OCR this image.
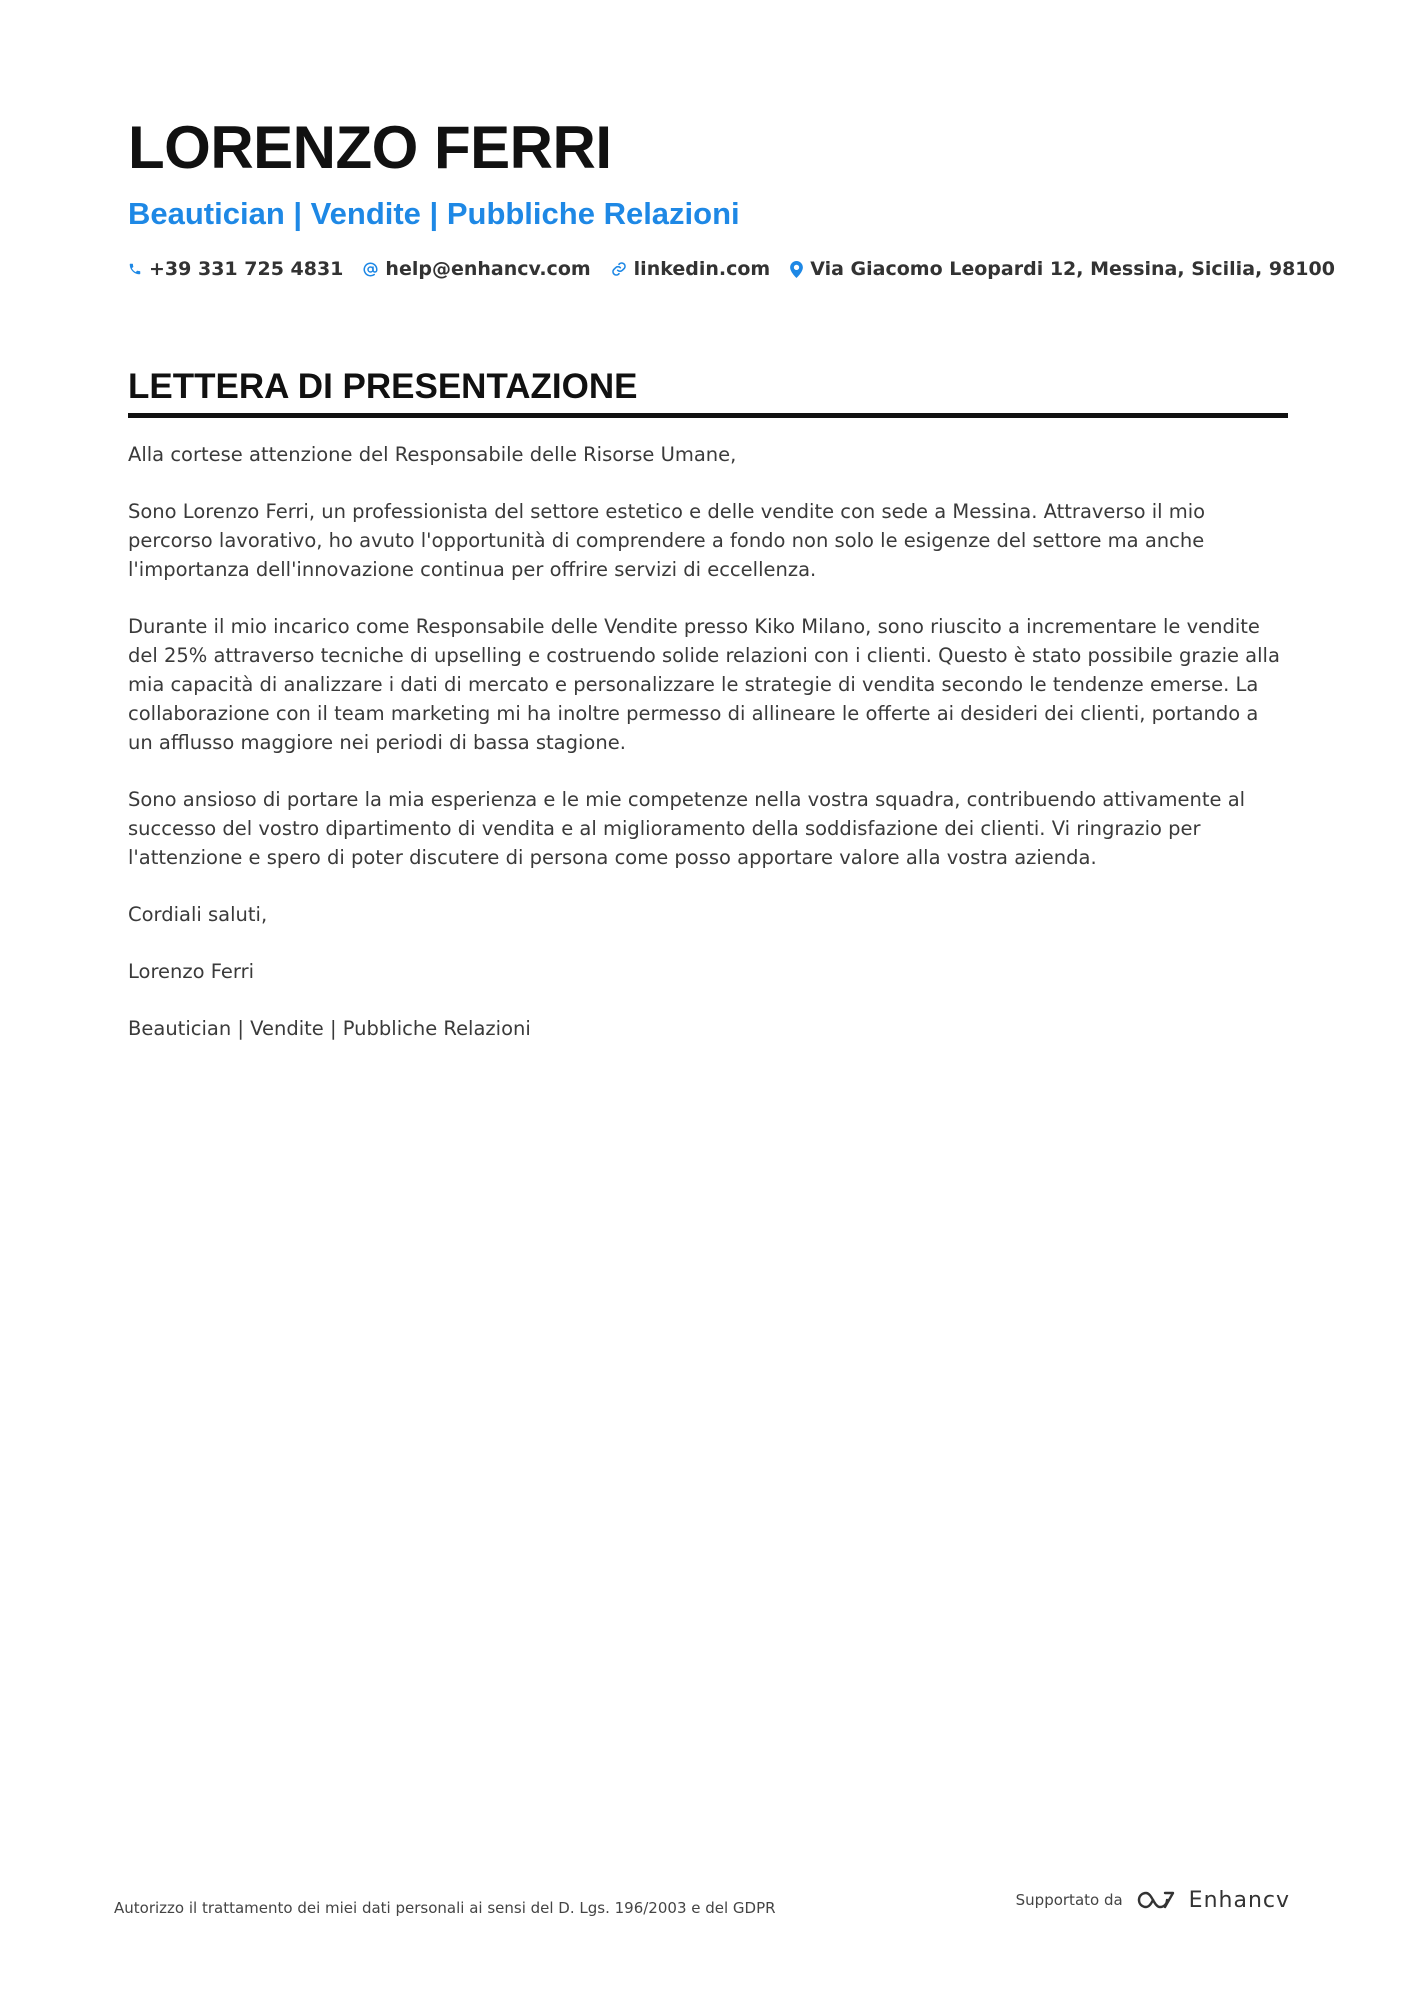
LORENZO FERRI
Beautician | Vendite | Pubbliche Relazioni
+39 331 725 4831 help@enhancv.com linkedin.com Via Giacomo Leopardi 12, Messina, Sicilia, 98100
LETTERA DI PRESENTAZIONE

Alla cortese attenzione del Responsabile delle Risorse Umane,

Sono Lorenzo Ferri, un professionista del settore estetico e delle vendite con sede a Messina. Attraverso il mio percorso lavorativo, ho avuto l'opportunità di comprendere a fondo non solo le esigenze del settore ma anche l'importanza dell'innovazione continua per offrire servizi di eccellenza.

Durante il mio incarico come Responsabile delle Vendite presso Kiko Milano, sono riuscito a incrementare le vendite del 25% attraverso tecniche di upselling e costruendo solide relazioni con i clienti. Questo è stato possibile grazie alla mia capacità di analizzare i dati di mercato e personalizzare le strategie di vendita secondo le tendenze emerse. La collaborazione con il team marketing mi ha inoltre permesso di allineare le offerte ai desideri dei clienti, portando a un afflusso maggiore nei periodi di bassa stagione.

Sono ansioso di portare la mia esperienza e le mie competenze nella vostra squadra, contribuendo attivamente al successo del vostro dipartimento di vendita e al miglioramento della soddisfazione dei clienti. Vi ringrazio per l'attenzione e spero di poter discutere di persona come posso apportare valore alla vostra azienda.

Cordiali saluti,

Lorenzo Ferri

Beautician | Vendite | Pubbliche Relazioni

Autorizzo il trattamento dei miei dati personali ai sensi del D. Lgs. 196/2003 e del GDPR	Supportato da	Enhancv
